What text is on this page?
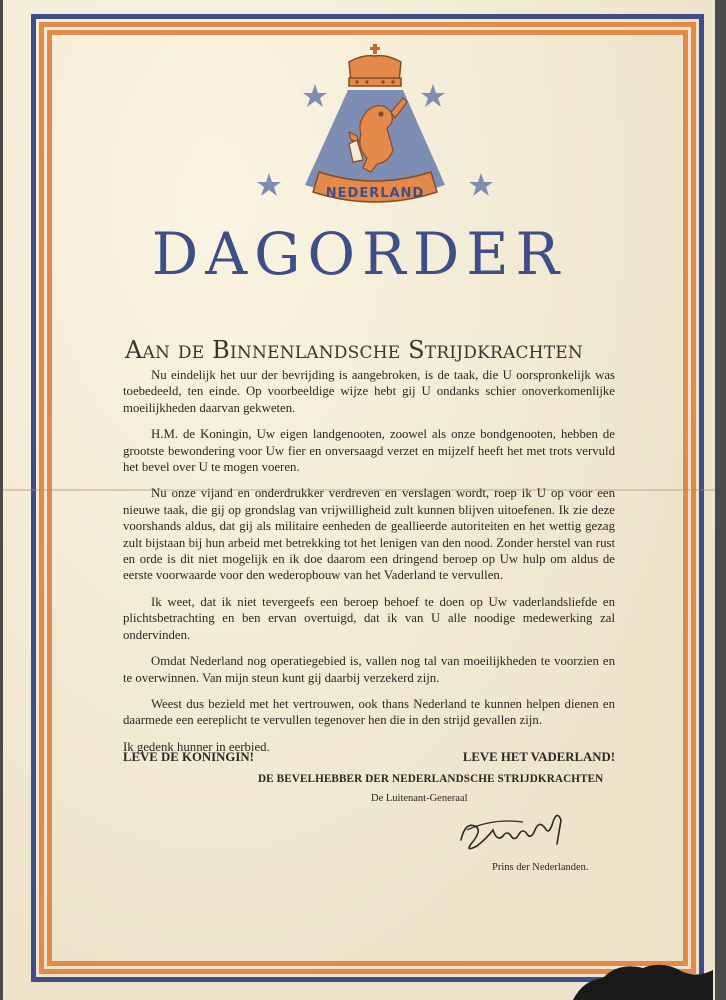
NEDERLAND
DAGORDER
Aan de Binnenlandsche Strijdkrachten

Nu eindelijk het uur der bevrijding is aangebroken, is de taak, die U oorspronkelijk was toebedeeld, ten einde. Op voorbeeldige wijze hebt gij U ondanks schier onoverkomenlijke moeilijkheden daarvan gekweten.

H.M. de Koningin, Uw eigen landgenooten, zoowel als onze bondgenooten, hebben de grootste bewondering voor Uw fier en onversaagd verzet en mijzelf heeft het met trots vervuld het bevel over U te mogen voeren.

Nu onze vijand en onderdrukker verdreven en verslagen wordt, roep ik U op voor een nieuwe taak, die gij op grondslag van vrijwilligheid zult kunnen blijven uitoefenen. Ik zie deze voorshands aldus, dat gij als militaire eenheden de geallieerde autoriteiten en het wettig gezag zult bijstaan bij hun arbeid met betrekking tot het lenigen van den nood. Zonder herstel van rust en orde is dit niet mogelijk en ik doe daarom een dringend beroep op Uw hulp om aldus de eerste voorwaarde voor den wederopbouw van het Vaderland te vervullen.

Ik weet, dat ik niet tevergeefs een beroep behoef te doen op Uw vaderlandsliefde en plichtsbetrachting en ben ervan overtuigd, dat ik van U alle noodige medewerking zal ondervinden.

Omdat Nederland nog operatiegebied is, vallen nog tal van moeilijkheden te voorzien en te overwinnen. Van mijn steun kunt gij daarbij verzekerd zijn.

Weest dus bezield met het vertrouwen, ook thans Nederland te kunnen helpen dienen en daarmede een eereplicht te vervullen tegenover hen die in den strijd gevallen zijn.

Ik gedenk hunner in eerbied.

LEVE DE KONINGIN!	LEVE HET VADERLAND!
DE BEVELHEBBER DER NEDERLANDSCHE STRIJDKRACHTEN
De Luitenant-Generaal
Prins der Nederlanden.
